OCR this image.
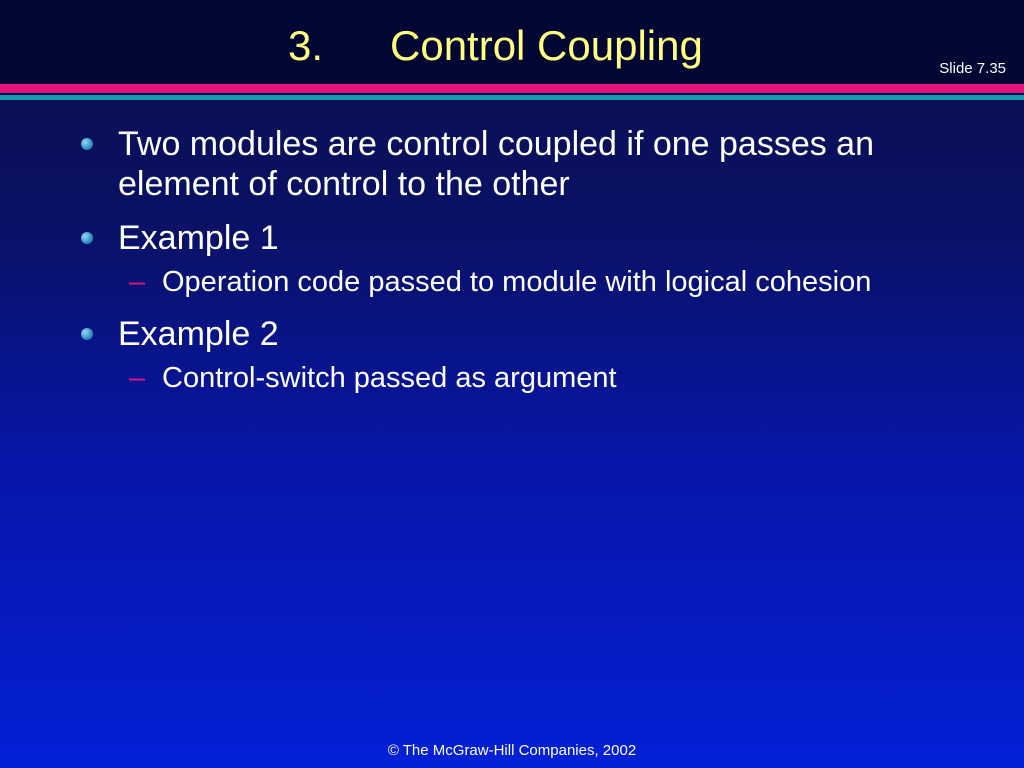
3. Control Coupling	Slide 7.35
Two modules are control coupled if one passes an element of control to the other
Example 1
– Operation code passed to module with logical cohesion
Example 2
– Control-switch passed as argument
© The McGraw-Hill Companies, 2002
